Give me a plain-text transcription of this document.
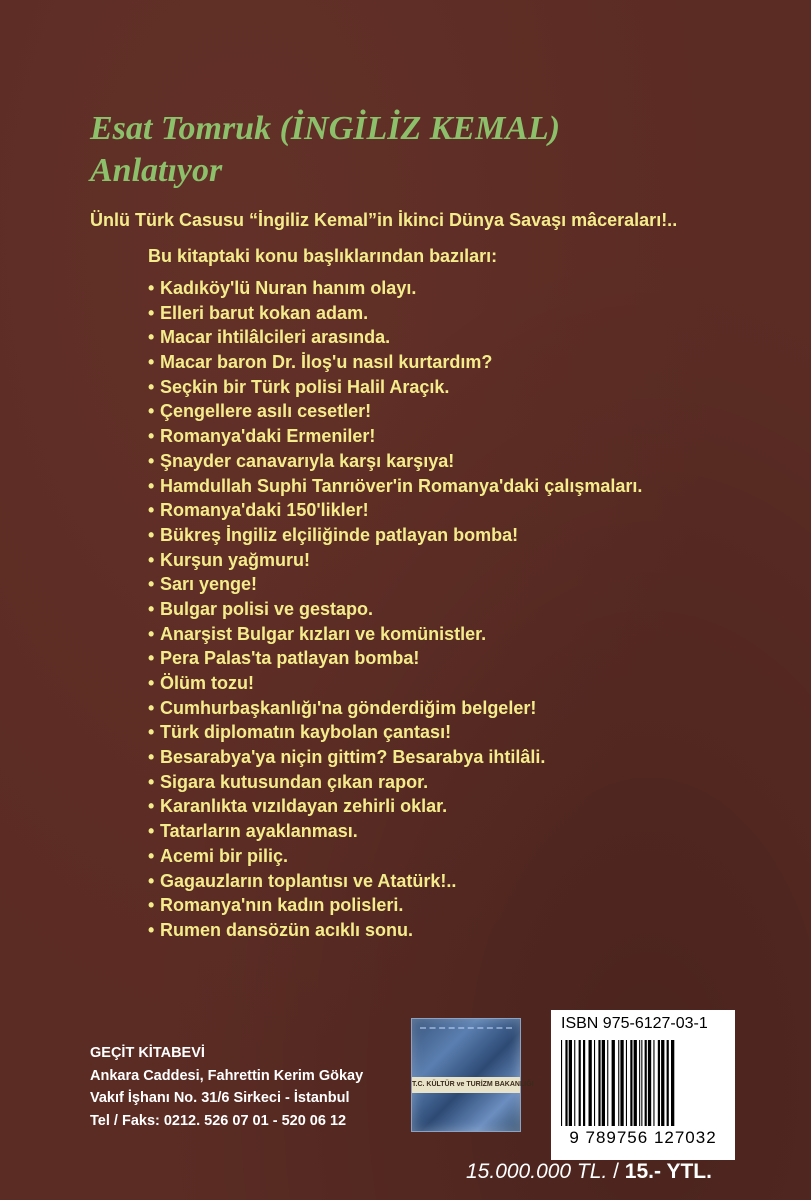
Esat Tomruk (İNGİLİZ KEMAL)
Anlatıyor
Ünlü Türk Casusu “İngiliz Kemal”in İkinci Dünya Savaşı mâceraları!..
Bu kitaptaki konu başlıklarından bazıları:
• Kadıköy'lü Nuran hanım olayı.
• Elleri barut kokan adam.
• Macar ihtilâlcileri arasında.
• Macar baron Dr. İloş'u nasıl kurtardım?
• Seçkin bir Türk polisi Halil Araçık.
• Çengellere asılı cesetler!
• Romanya'daki Ermeniler!
• Şnayder canavarıyla karşı karşıya!
• Hamdullah Suphi Tanrıöver'in Romanya'daki çalışmaları.
• Romanya'daki 150'likler!
• Bükreş İngiliz elçiliğinde patlayan bomba!
• Kurşun yağmuru!
• Sarı yenge!
• Bulgar polisi ve gestapo.
• Anarşist Bulgar kızları ve komünistler.
• Pera Palas'ta patlayan bomba!
• Ölüm tozu!
• Cumhurbaşkanlığı'na gönderdiğim belgeler!
• Türk diplomatın kaybolan çantası!
• Besarabya'ya niçin gittim? Besarabya ihtilâli.
• Sigara kutusundan çıkan rapor.
• Karanlıkta vızıldayan zehirli oklar.
• Tatarların ayaklanması.
• Acemi bir piliç.
• Gagauzların toplantısı ve Atatürk!..
• Romanya'nın kadın polisleri.
• Rumen dansözün acıklı sonu.
GEÇİT KİTABEVİ
Ankara Caddesi, Fahrettin Kerim Gökay
Vakıf İşhanı No. 31/6 Sirkeci - İstanbul
Tel / Faks: 0212. 526 07 01 - 520 06 12
T.C. KÜLTÜR ve TURİZM BAKANLIĞI
ISBN 975-6127-03-1
9 789756 127032
15.000.000 TL. / 15.- YTL.
